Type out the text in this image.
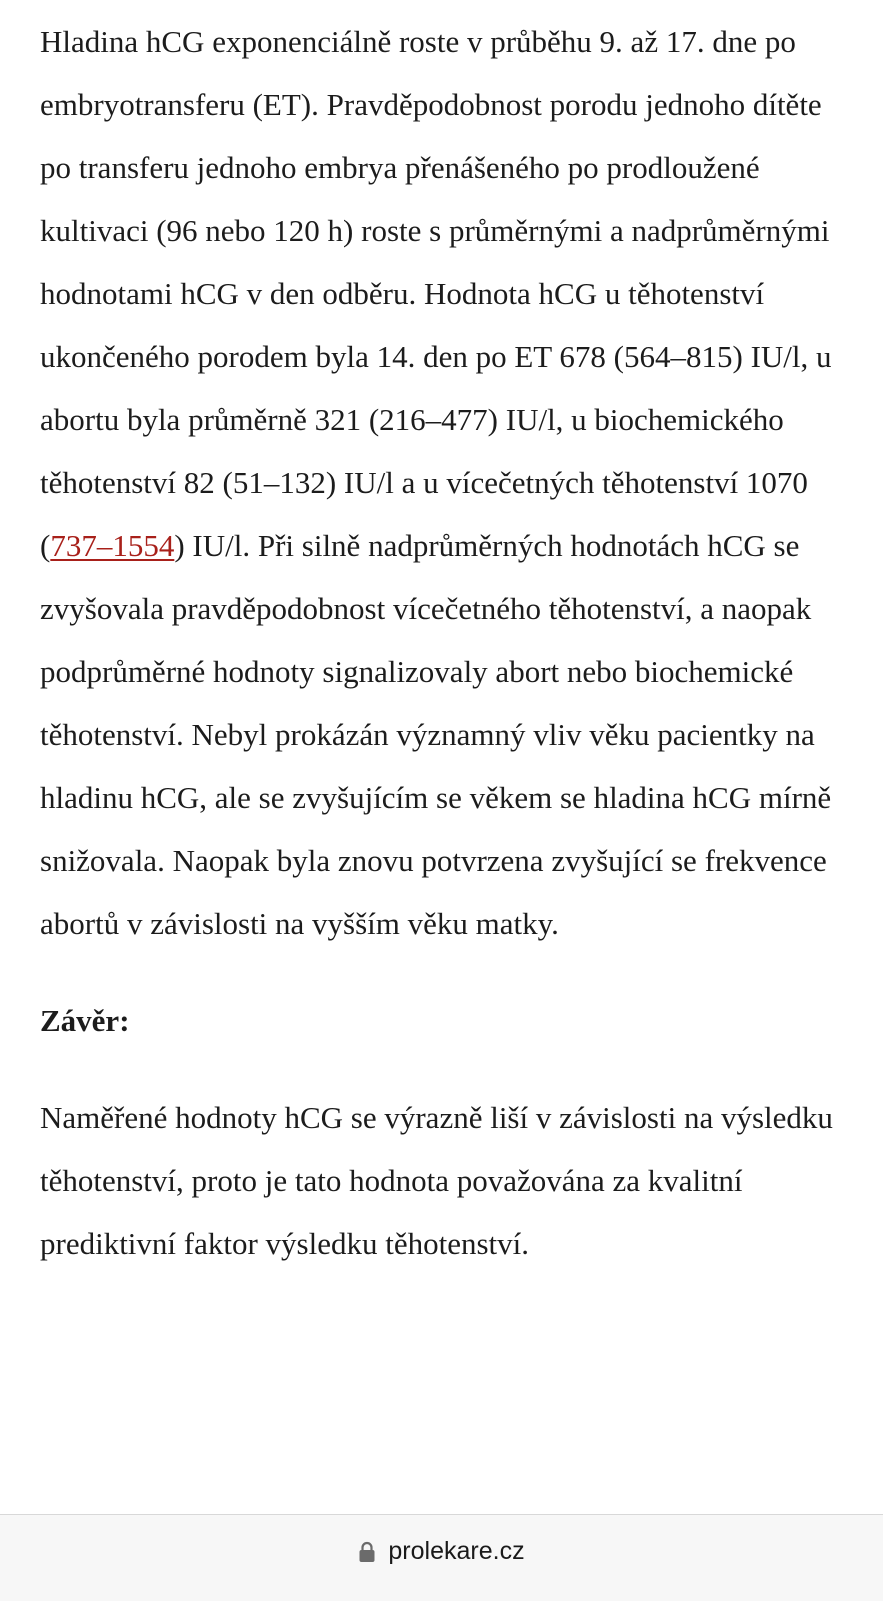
Hladina hCG exponenciálně roste v průběhu 9. až 17. dne po embryotransferu (ET). Pravděpodobnost porodu jednoho dítěte po transferu jednoho embrya přenášeného po prodloužené kultivaci (96 nebo 120 h) roste s průměrnými a nadprůměrnými hodnotami hCG v den odběru. Hodnota hCG u těhotenství ukončeného porodem byla 14. den po ET 678 (564–815) IU/l, u abortu byla průměrně 321 (216–477) IU/l, u biochemického těhotenství 82 (51–132) IU/l a u vícečetných těhotenství 1070 (737–1554) IU/l. Při silně nadprůměrných hodnotách hCG se zvyšovala pravděpodobnost vícečetného těhotenství, a naopak podprůměrné hodnoty signalizovaly abort nebo biochemické těhotenství. Nebyl prokázán významný vliv věku pacientky na hladinu hCG, ale se zvyšujícím se věkem se hladina hCG mírně snižovala. Naopak byla znovu potvrzena zvyšující se frekvence abortů v závislosti na vyšším věku matky.

Závěr:

Naměřené hodnoty hCG se výrazně liší v závislosti na výsledku těhotenství, proto je tato hodnota považována za kvalitní prediktivní faktor výsledku těhotenství.

prolekare.cz
